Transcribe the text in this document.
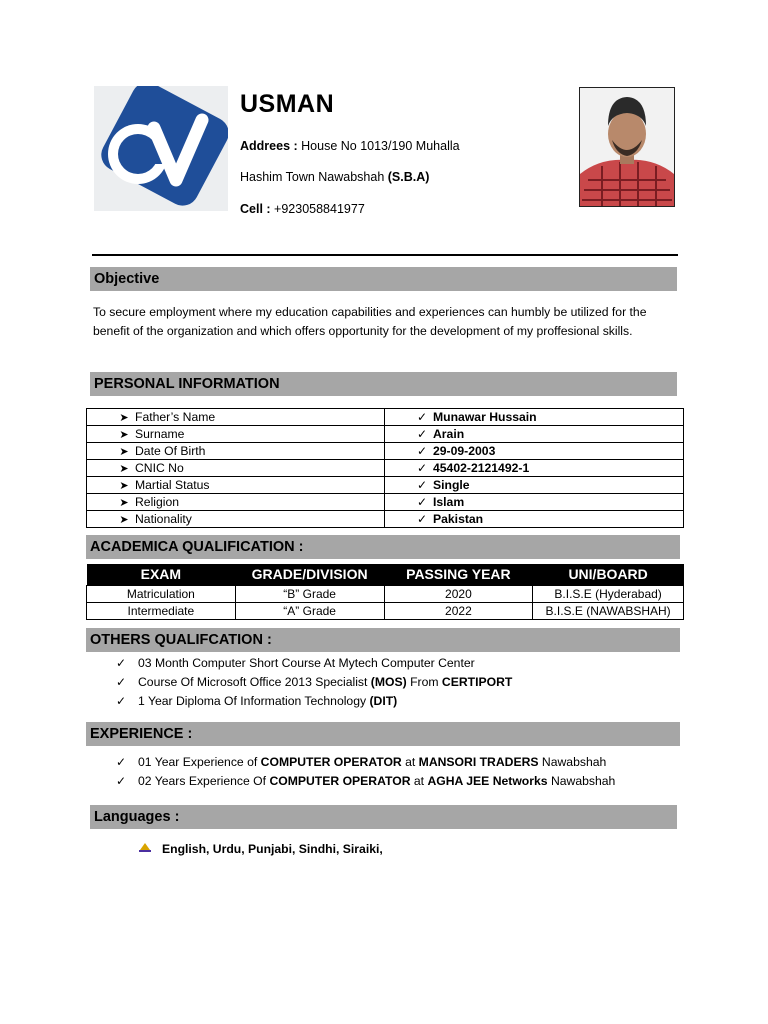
USMAN
Addrees : House No 1013/190 Muhalla
Hashim Town Nawabshah (S.B.A)
Cell : +923058841977
Objective
To secure employment where my education capabilities and experiences can humbly be utilized for the benefit of the organization and which offers opportunity for the development of my proffesional skills.
PERSONAL INFORMATION
➤ Father’s Name	✓ Munawar Hussain
➤ Surname	✓ Arain
➤ Date Of Birth	✓ 29-09-2003
➤ CNIC No	✓ 45402-2121492-1
➤ Martial Status	✓ Single
➤ Religion	✓ Islam
➤ Nationality	✓ Pakistan
ACADEMICA QUALIFICATION :
EXAM	GRADE/DIVISION	PASSING YEAR	UNI/BOARD
Matriculation	“B” Grade	2020	B.I.S.E (Hyderabad)
Intermediate	“A” Grade	2022	B.I.S.E (NAWABSHAH)
OTHERS QUALIFCATION :
✓ 03 Month Computer Short Course At Mytech Computer Center
✓ Course Of Microsoft Office 2013 Specialist (MOS) From CERTIPORT
✓ 1 Year Diploma Of Information Technology (DIT)
EXPERIENCE :
✓ 01 Year Experience of COMPUTER OPERATOR at MANSORI TRADERS Nawabshah
✓ 02 Years Experience Of COMPUTER OPERATOR at AGHA JEE Networks Nawabshah
Languages :
English, Urdu, Punjabi, Sindhi, Siraiki,
